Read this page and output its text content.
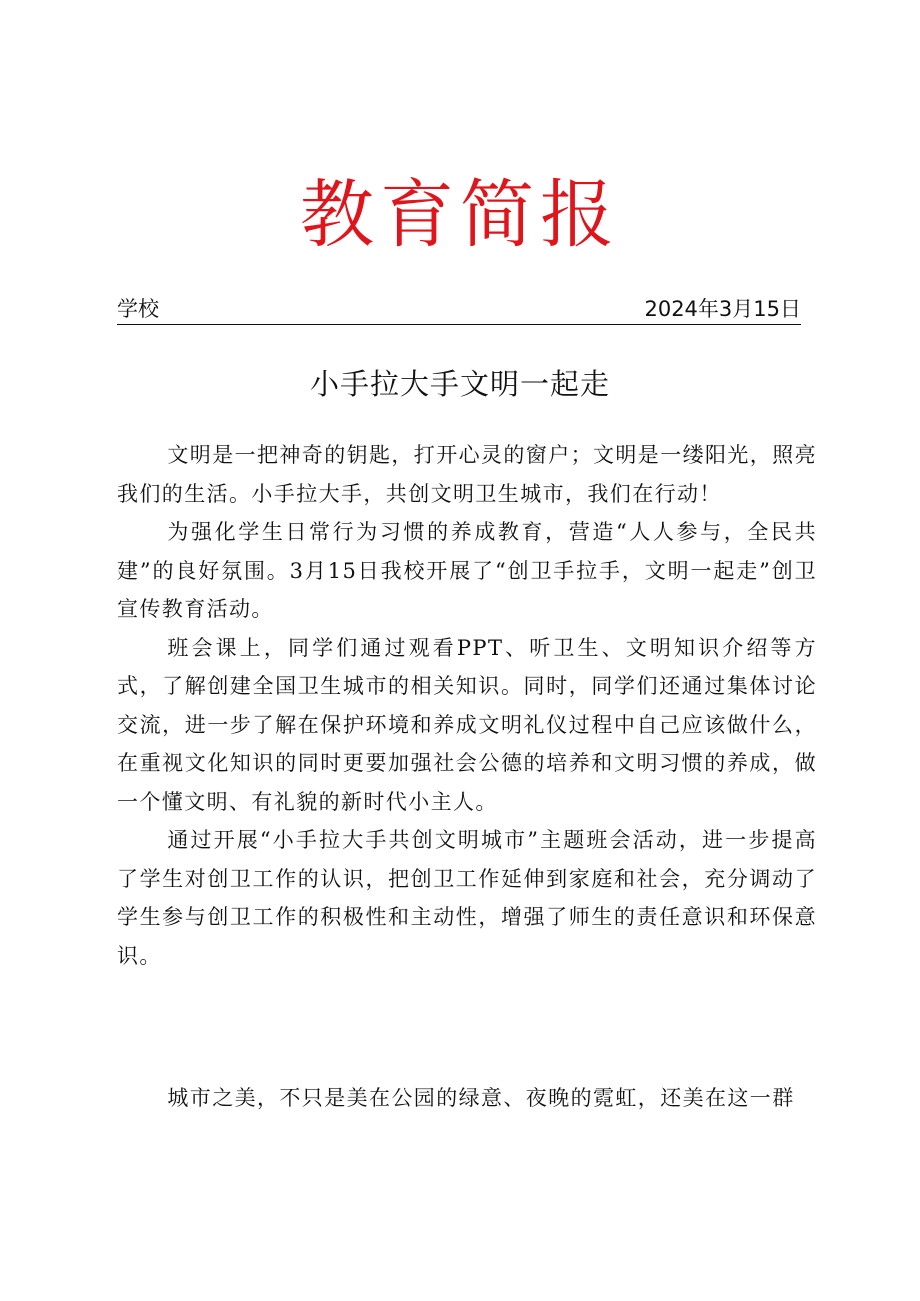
教育简报
学校	2024年3月15日
小手拉大手文明一起走

文明是一把神奇的钥匙，打开心灵的窗户；文明是一缕阳光，照亮我们的生活。小手拉大手，共创文明卫生城市，我们在行动！

为强化学生日常行为习惯的养成教育，营造“人人参与，全民共建”的良好氛围。3月15日我校开展了“创卫手拉手，文明一起走”创卫宣传教育活动。

班会课上，同学们通过观看PPT、听卫生、文明知识介绍等方式，了解创建全国卫生城市的相关知识。同时，同学们还通过集体讨论交流，进一步了解在保护环境和养成文明礼仪过程中自己应该做什么，在重视文化知识的同时更要加强社会公德的培养和文明习惯的养成，做一个懂文明、有礼貌的新时代小主人。

通过开展“小手拉大手共创文明城市”主题班会活动，进一步提高了学生对创卫工作的认识，把创卫工作延伸到家庭和社会，充分调动了学生参与创卫工作的积极性和主动性，增强了师生的责任意识和环保意识。

城市之美，不只是美在公园的绿意、夜晚的霓虹，还美在这一群
